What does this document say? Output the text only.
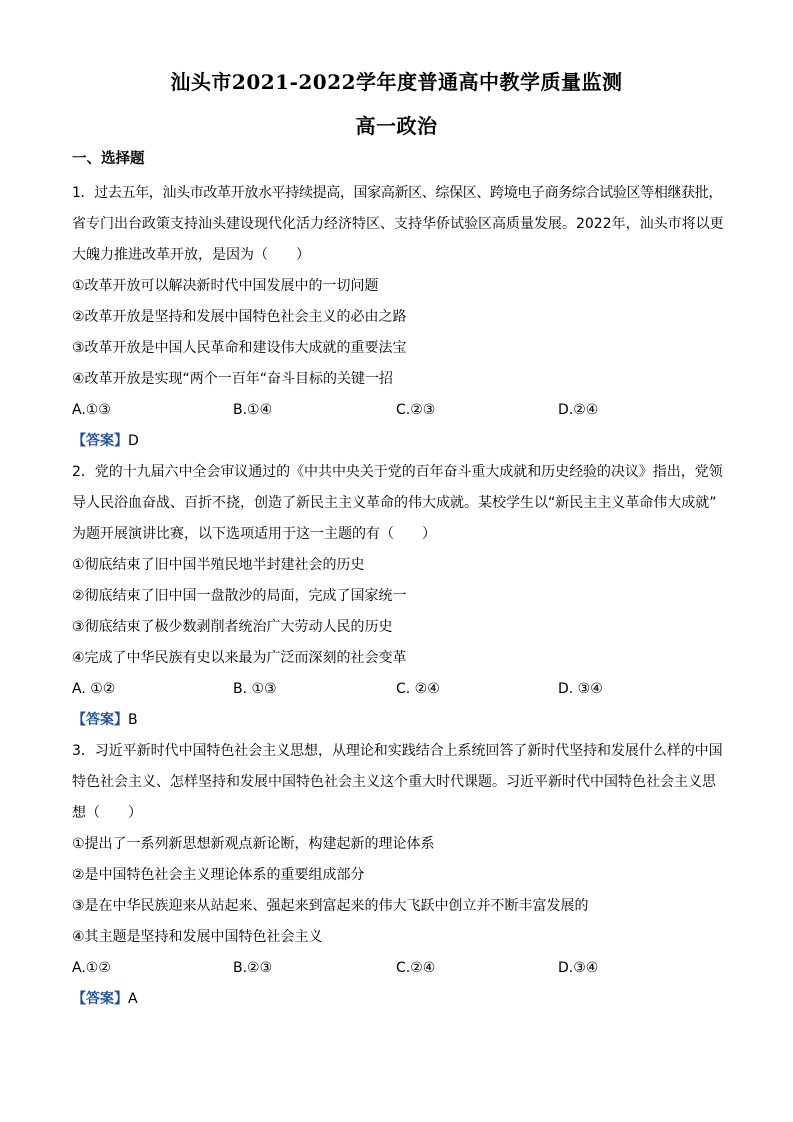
汕头市2021-2022学年度普通高中教学质量监测
高一政治
一、选择题

1．过去五年，汕头市改革开放水平持续提高，国家高新区、综保区、跨境电子商务综合试验区等相继获批，

省专门出台政策支持汕头建设现代化活力经济特区、支持华侨试验区高质量发展。2022年，汕头市将以更

大魄力推进改革开放，是因为（　　）

①改革开放可以解决新时代中国发展中的一切问题

②改革开放是坚持和发展中国特色社会主义的必由之路

③改革开放是中国人民革命和建设伟大成就的重要法宝

④改革开放是实现“两个一百年“奋斗目标的关键一招

A.①③	B.①④	C.②③	D.②④

【答案】D

2．党的十九届六中全会审议通过的《中共中央关于党的百年奋斗重大成就和历史经验的决议》指出，党领

导人民浴血奋战、百折不挠，创造了新民主主义革命的伟大成就。某校学生以“新民主主义革命伟大成就”

为题开展演讲比赛，以下选项适用于这一主题的有（　　）

①彻底结束了旧中国半殖民地半封建社会的历史

②彻底结束了旧中国一盘散沙的局面，完成了国家统一

③彻底结束了极少数剥削者统治广大劳动人民的历史

④完成了中华民族有史以来最为广泛而深刻的社会变革

A. ①②	B. ①③	C. ②④	D. ③④

【答案】B

3．习近平新时代中国特色社会主义思想，从理论和实践结合上系统回答了新时代坚持和发展什么样的中国

特色社会主义、怎样坚持和发展中国特色社会主义这个重大时代课题。习近平新时代中国特色社会主义思

想（　　）

①提出了一系列新思想新观点新论断，构建起新的理论体系

②是中国特色社会主义理论体系的重要组成部分

③是在中华民族迎来从站起来、强起来到富起来的伟大飞跃中创立并不断丰富发展的

④其主题是坚持和发展中国特色社会主义

A.①②	B.②③	C.②④	D.③④

【答案】A
